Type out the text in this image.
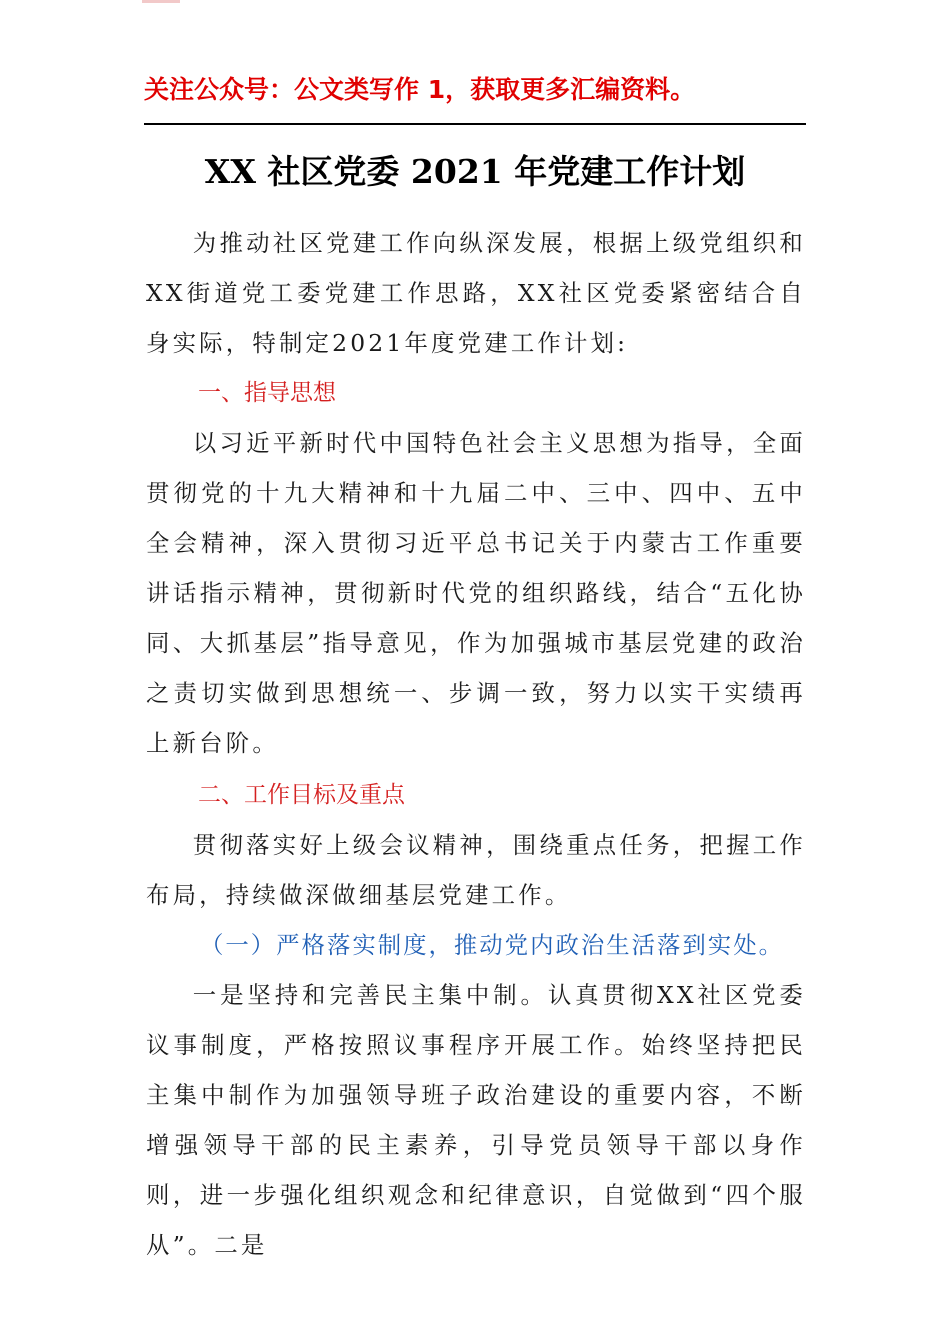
关注公众号：公文类写作 1，获取更多汇编资料。
XX 社区党委 2021 年党建工作计划

为推动社区党建工作向纵深发展，根据上级党组织和XX街道党工委党建工作思路，XX社区党委紧密结合自身实际，特制定2021年度党建工作计划:

一、指导思想

以习近平新时代中国特色社会主义思想为指导，全面贯彻党的十九大精神和十九届二中、三中、四中、五中全会精神，深入贯彻习近平总书记关于内蒙古工作重要讲话指示精神，贯彻新时代党的组织路线，结合“五化协同、大抓基层”指导意见，作为加强城市基层党建的政治之责切实做到思想统一、步调一致，努力以实干实绩再上新台阶。

二、工作目标及重点

贯彻落实好上级会议精神，围绕重点任务，把握工作布局，持续做深做细基层党建工作。

（一）严格落实制度，推动党内政治生活落到实处。

一是坚持和完善民主集中制。认真贯彻XX社区党委议事制度，严格按照议事程序开展工作。始终坚持把民主集中制作为加强领导班子政治建设的重要内容，不断增强领导干部的民主素养，引导党员领导干部以身作则，进一步强化组织观念和纪律意识，自觉做到“四个服从”。二是
